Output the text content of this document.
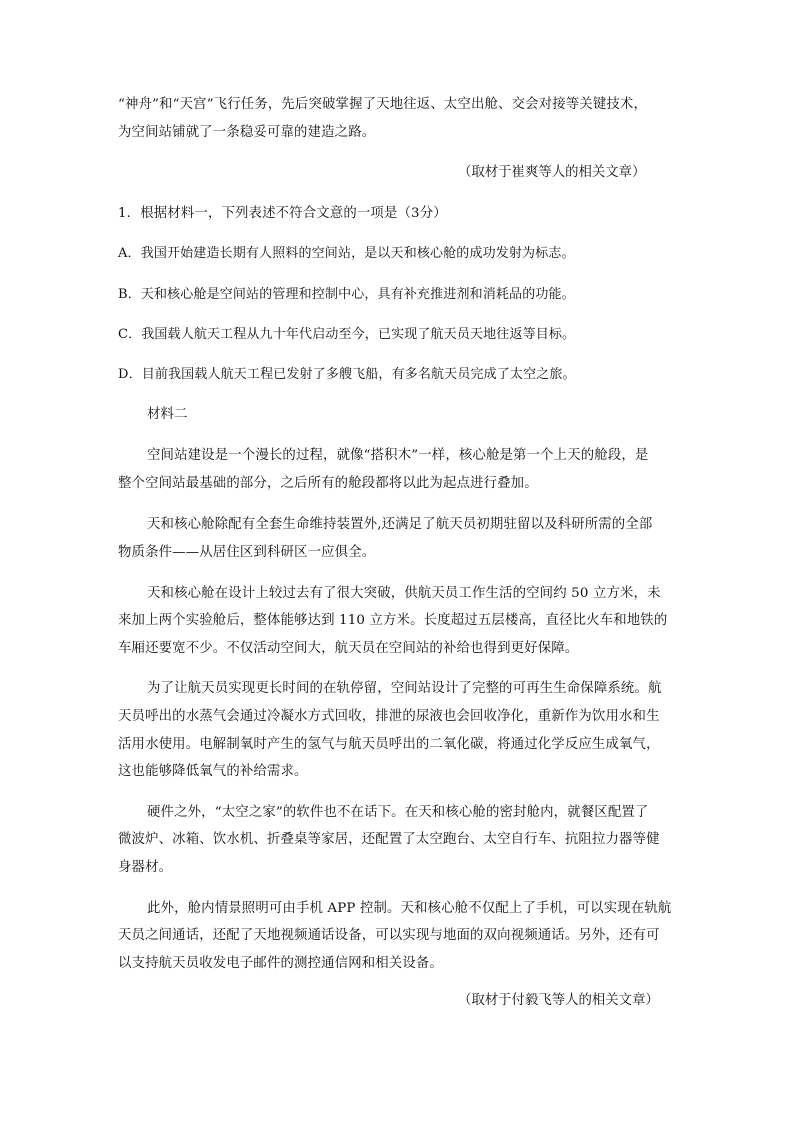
“神舟”和“天宫”飞行任务，先后突破掌握了天地往返、太空出舱、交会对接等关键技术，
为空间站铺就了一条稳妥可靠的建造之路。
（取材于崔爽等人的相关文章）
1．根据材料一，下列表述不符合文意的一项是（3分）
A．我国开始建造长期有人照料的空间站，是以天和核心舱的成功发射为标志。
B．天和核心舱是空间站的管理和控制中心，具有补充推进剂和消耗品的功能。
C．我国载人航天工程从九十年代启动至今，已实现了航天员天地往返等目标。
D．目前我国载人航天工程已发射了多艘飞船，有多名航天员完成了太空之旅。
材料二
空间站建设是一个漫长的过程，就像“搭积木”一样，核心舱是第一个上天的舱段，是
整个空间站最基础的部分，之后所有的舱段都将以此为起点进行叠加。
天和核心舱除配有全套生命维持装置外,还满足了航天员初期驻留以及科研所需的全部
物质条件——从居住区到科研区一应俱全。
天和核心舱在设计上较过去有了很大突破，供航天员工作生活的空间约 50 立方米，未
来加上两个实验舱后，整体能够达到 110 立方米。长度超过五层楼高，直径比火车和地铁的
车厢还要宽不少。不仅活动空间大，航天员在空间站的补给也得到更好保障。
为了让航天员实现更长时间的在轨停留，空间站设计了完整的可再生生命保障系统。航
天员呼出的水蒸气会通过冷凝水方式回收，排泄的尿液也会回收净化，重新作为饮用水和生
活用水使用。电解制氧时产生的氢气与航天员呼出的二氧化碳，将通过化学反应生成氧气，
这也能够降低氧气的补给需求。
硬件之外，“太空之家”的软件也不在话下。在天和核心舱的密封舱内，就餐区配置了
微波炉、冰箱、饮水机、折叠桌等家居，还配置了太空跑台、太空自行车、抗阻拉力器等健
身器材。
此外，舱内情景照明可由手机 APP 控制。天和核心舱不仅配上了手机，可以实现在轨航
天员之间通话，还配了天地视频通话设备，可以实现与地面的双向视频通话。另外，还有可
以支持航天员收发电子邮件的测控通信网和相关设备。
（取材于付毅飞等人的相关文章）
